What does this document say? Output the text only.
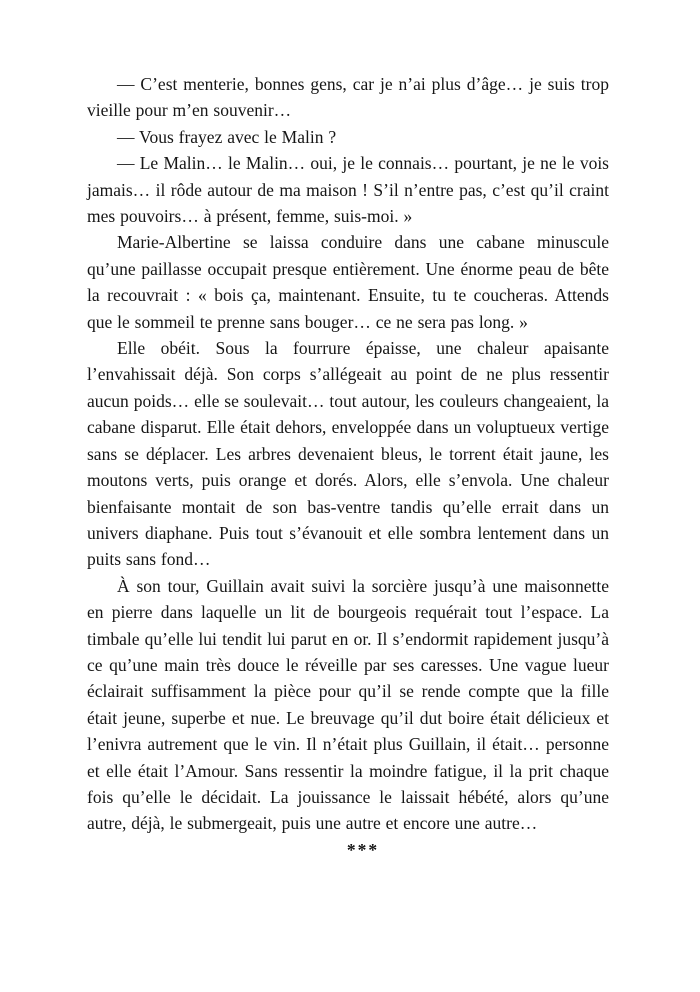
— C’est menterie, bonnes gens, car je n’ai plus d’âge… je suis trop vieille pour m’en souvenir…

— Vous frayez avec le Malin ?

— Le Malin… le Malin… oui, je le connais… pourtant, je ne le vois jamais… il rôde autour de ma maison ! S’il n’entre pas, c’est qu’il craint mes pouvoirs… à présent, femme, suis-moi. »

Marie-Albertine se laissa conduire dans une cabane minuscule qu’une paillasse occupait presque entièrement. Une énorme peau de bête la recouvrait : « bois ça, maintenant. Ensuite, tu te coucheras. Attends que le sommeil te prenne sans bouger… ce ne sera pas long. »

Elle obéit. Sous la fourrure épaisse, une chaleur apaisante l’envahissait déjà. Son corps s’allégeait au point de ne plus ressentir aucun poids… elle se soulevait… tout autour, les couleurs changeaient, la cabane disparut. Elle était dehors, enveloppée dans un voluptueux vertige sans se déplacer. Les arbres devenaient bleus, le torrent était jaune, les moutons verts, puis orange et dorés. Alors, elle s’envola. Une chaleur bienfaisante montait de son bas-ventre tandis qu’elle errait dans un univers diaphane. Puis tout s’évanouit et elle sombra lentement dans un puits sans fond…

À son tour, Guillain avait suivi la sorcière jusqu’à une maisonnette en pierre dans laquelle un lit de bourgeois requérait tout l’espace. La timbale qu’elle lui tendit lui parut en or. Il s’endormit rapidement jusqu’à ce qu’une main très douce le réveille par ses caresses. Une vague lueur éclairait suffisamment la pièce pour qu’il se rende compte que la fille était jeune, superbe et nue. Le breuvage qu’il dut boire était délicieux et l’enivra autrement que le vin. Il n’était plus Guillain, il était… personne et elle était l’Amour. Sans ressentir la moindre fatigue, il la prit chaque fois qu’elle le décidait. La jouissance le laissait hébété, alors qu’une autre, déjà, le submergeait, puis une autre et encore une autre…

***
